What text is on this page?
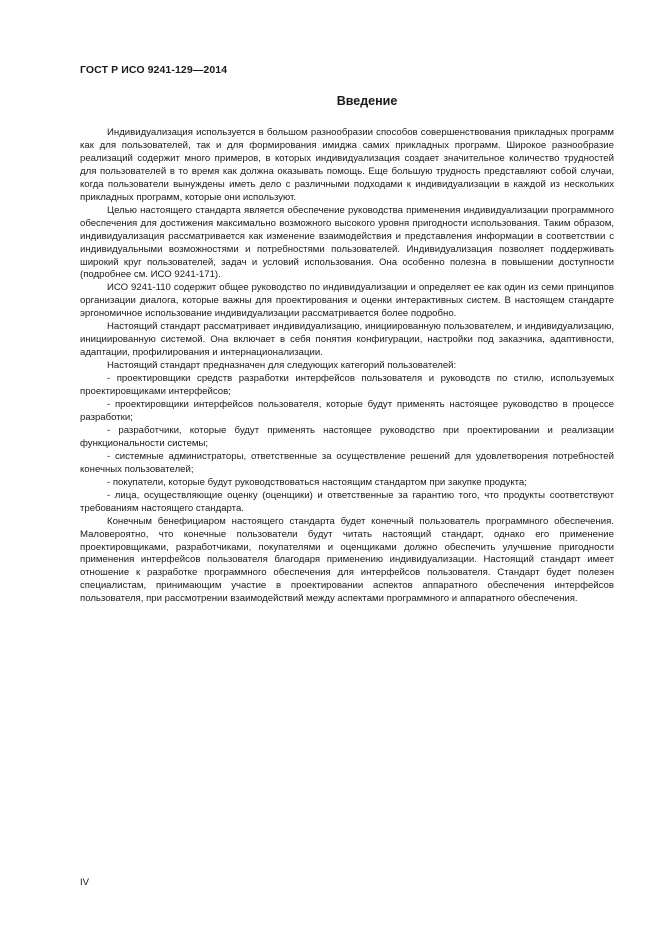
ГОСТ Р ИСО 9241-129—2014
Введение

Индивидуализация используется в большом разнообразии способов совершенствования прикладных программ как для пользователей, так и для формирования имиджа самих прикладных программ. Широкое разнообразие реализаций содержит много примеров, в которых индивидуализация создает значительное количество трудностей для пользователей в то время как должна оказывать помощь. Еще большую трудность представляют собой случаи, когда пользователи вынуждены иметь дело с различными подходами к индивидуализации в каждой из нескольких прикладных программ, которые они используют.

Целью настоящего стандарта является обеспечение руководства применения индивидуализации программного обеспечения для достижения максимально возможного высокого уровня пригодности использования. Таким образом, индивидуализация рассматривается как изменение взаимодействия и представления информации в соответствии с индивидуальными возможностями и потребностями пользователей. Индивидуализация позволяет поддерживать широкий круг пользователей, задач и условий использования. Она особенно полезна в повышении доступности (подробнее см. ИСО 9241-171).

ИСО 9241-110 содержит общее руководство по индивидуализации и определяет ее как один из семи принципов организации диалога, которые важны для проектирования и оценки интерактивных систем. В настоящем стандарте эргономичное использование индивидуализации рассматривается более подробно.

Настоящий стандарт рассматривает индивидуализацию, инициированную пользователем, и индивидуализацию, инициированную системой. Она включает в себя понятия конфигурации, настройки под заказчика, адаптивности, адаптации, профилирования и интернационализации.

Настоящий стандарт предназначен для следующих категорий пользователей:

- проектировщики средств разработки интерфейсов пользователя и руководств по стилю, используемых проектировщиками интерфейсов;

- проектировщики интерфейсов пользователя, которые будут применять настоящее руководство в процессе разработки;

- разработчики, которые будут применять настоящее руководство при проектировании и реализации функциональности системы;

- системные администраторы, ответственные за осуществление решений для удовлетворения потребностей конечных пользователей;

- покупатели, которые будут руководствоваться настоящим стандартом при закупке продукта;

- лица, осуществляющие оценку (оценщики) и ответственные за гарантию того, что продукты соответствуют требованиям настоящего стандарта.

Конечным бенефициаром настоящего стандарта будет конечный пользователь программного обеспечения. Маловероятно, что конечные пользователи будут читать настоящий стандарт, однако его применение проектировщиками, разработчиками, покупателями и оценщиками должно обеспечить улучшение пригодности применения интерфейсов пользователя благодаря применению индивидуализации. Настоящий стандарт имеет отношение к разработке программного обеспечения для интерфейсов пользователя. Стандарт будет полезен специалистам, принимающим участие в проектировании аспектов аппаратного обеспечения интерфейсов пользователя, при рассмотрении взаимодействий между аспектами программного и аппаратного обеспечения.

IV
